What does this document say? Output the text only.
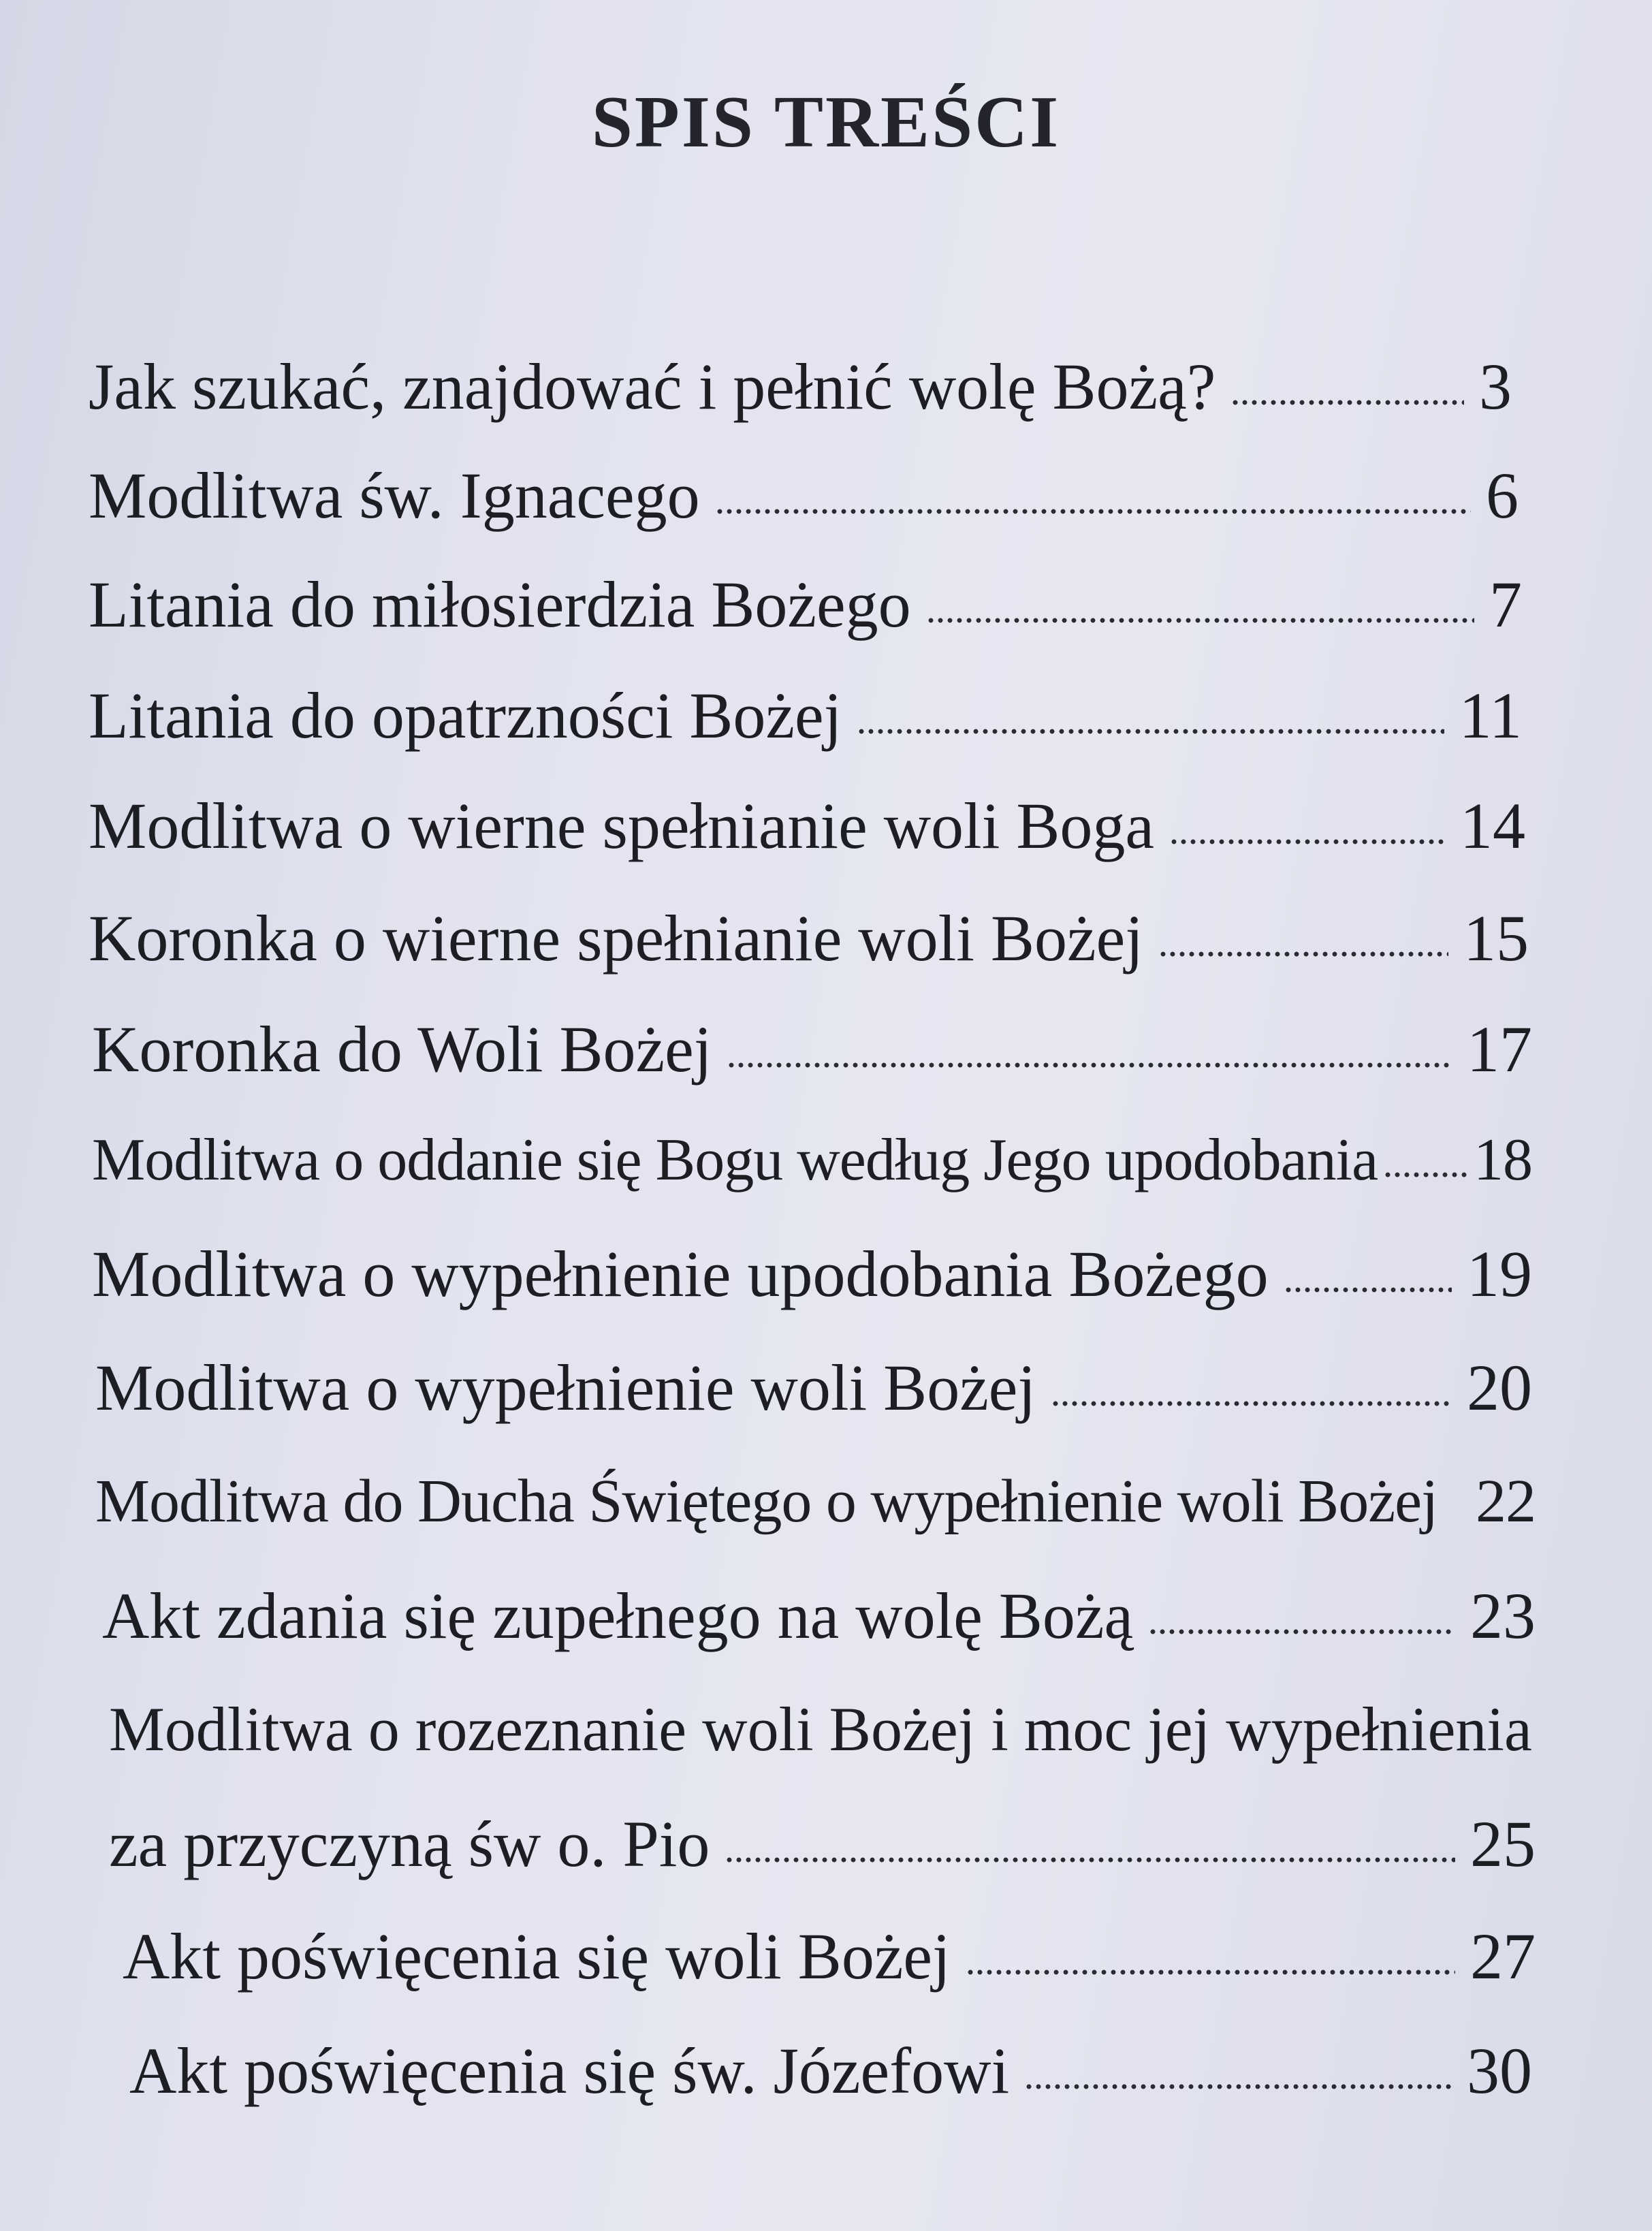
SPIS TREŚCI
Jak szukać, znajdować i pełnić wolę Bożą?	3
Modlitwa św. Ignacego	6
Litania do miłosierdzia Bożego	7
Litania do opatrzności Bożej	11
Modlitwa o wierne spełnianie woli Boga	14
Koronka o wierne spełnianie woli Bożej	15
Koronka do Woli Bożej	17
Modlitwa o oddanie się Bogu według Jego upodobania 18
Modlitwa o wypełnienie upodobania Bożego	19
Modlitwa o wypełnienie woli Bożej	20
Modlitwa do Ducha Świętego o wypełnienie woli Bożej 22
Akt zdania się zupełnego na wolę Bożą	23
Modlitwa o rozeznanie woli Bożej i moc jej wypełnienia
za przyczyną św o. Pio	25
Akt poświęcenia się woli Bożej	27
Akt poświęcenia się św. Józefowi	30
